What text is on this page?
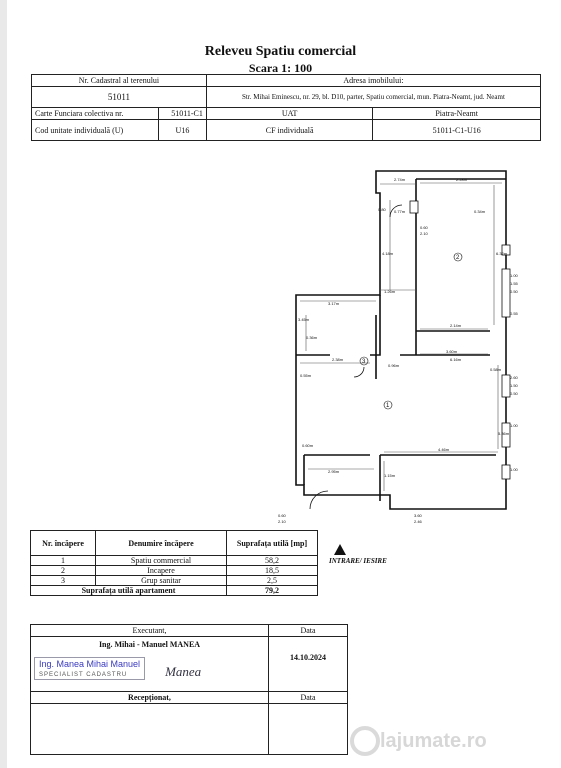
Releveu Spatiu comercial
Scara 1: 100
Nr. Cadastral al terenului		Adresa imobilului:	
51011		Str. Mihai Eminescu, nr. 29, bl. D10, parter, Spatiu comercial, mun. Piatra-Neamt, jud. Neamt	
Carte Funciara colectiva nr.	51011-C1	UAT	Piatra-Neamt
Cod unitate individuală (U)	U16	CF individuală	51011-C1-U16
2.74m	2.28m
0.77m	0.34m
0.60
2.10
0.80
4.18m	6.32m
3.17m
1.26m
1.00
1.55
0.50
3.45m
0.36m
0.55
2.14m
0.58m
2.38m
0.96m
3.60m
6.16m
0.55m	2.60
1.50
0.50
5.36m
4.46m
2.95m
1.15m
1.00
1.00
0.60
2.10
3.60
2.46
0.60m
1
2
3
INTRARE/ IESIRE
Nr. încăpere	Denumire încăpere	Suprafața utilă [mp]
1	Spatiu commercial	58,2
2	Incapere	18,5
3	Grup sanitar	2,5
Suprafața utilă apartament		79,2
Executant,	Data

Ing. Mihai - Manuel MANEA
Ing. Manea Mihai Manuel
SPECIALIST CADASTRU Manea	14.10.2024
Recepționat,	Data

lajumate.ro
